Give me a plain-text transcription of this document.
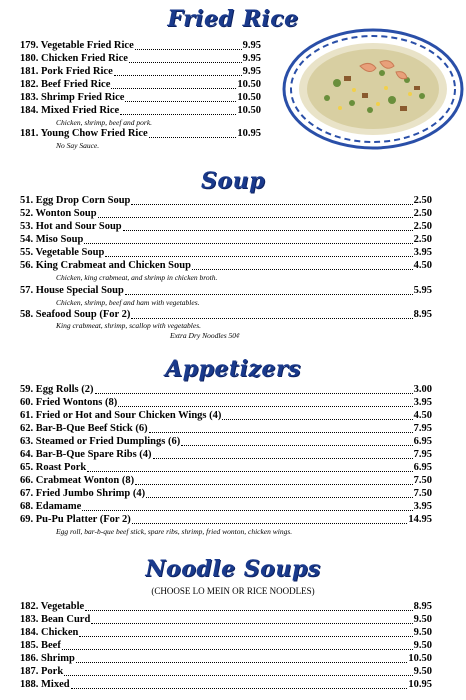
Fried Rice
179. Vegetable Fried Rice	9.95
180. Chicken Fried Rice	9.95
181. Pork Fried Rice	9.95
182. Beef Fried Rice	10.50
183. Shrimp Fried Rice	10.50
184. Mixed Fried Rice	10.50
Chicken, shrimp, beef and pork.
181. Young Chow Fried Rice	10.95
No Say Sauce.
Soup
51. Egg Drop Corn Soup	2.50
52. Wonton Soup	2.50
53. Hot and Sour Soup	2.50
54. Miso Soup	2.50
55. Vegetable Soup	3.95
56. King Crabmeat and Chicken Soup	4.50
Chicken, king crabmeat, and shrimp in chicken broth.
57. House Special Soup	5.95
Chicken, shrimp, beef and ham with vegetables.
58. Seafood Soup (For 2)	8.95
King crabmeat, shrimp, scallop with vegetables.
Extra Dry Noodles 50¢
Appetizers
59. Egg Rolls (2)	3.00
60. Fried Wontons (8)	3.95
61. Fried or Hot and Sour Chicken Wings (4)	4.50
62. Bar-B-Que Beef Stick (6)	7.95
63. Steamed or Fried Dumplings (6)	6.95
64. Bar-B-Que Spare Ribs (4)	7.95
65. Roast Pork	6.95
66. Crabmeat Wonton (8)	7.50
67. Fried Jumbo Shrimp (4)	7.50
68. Edamame	3.95
69. Pu-Pu Platter (For 2)	14.95
Egg roll, bar-b-que beef stick, spare ribs, shrimp, fried wonton, chicken wings.
Noodle Soups
(CHOOSE LO MEIN OR RICE NOODLES)
182. Vegetable	8.95
183. Bean Curd	9.50
184. Chicken	9.50
185. Beef	9.50
186. Shrimp	10.50
187. Pork	9.50
188. Mixed	10.95
